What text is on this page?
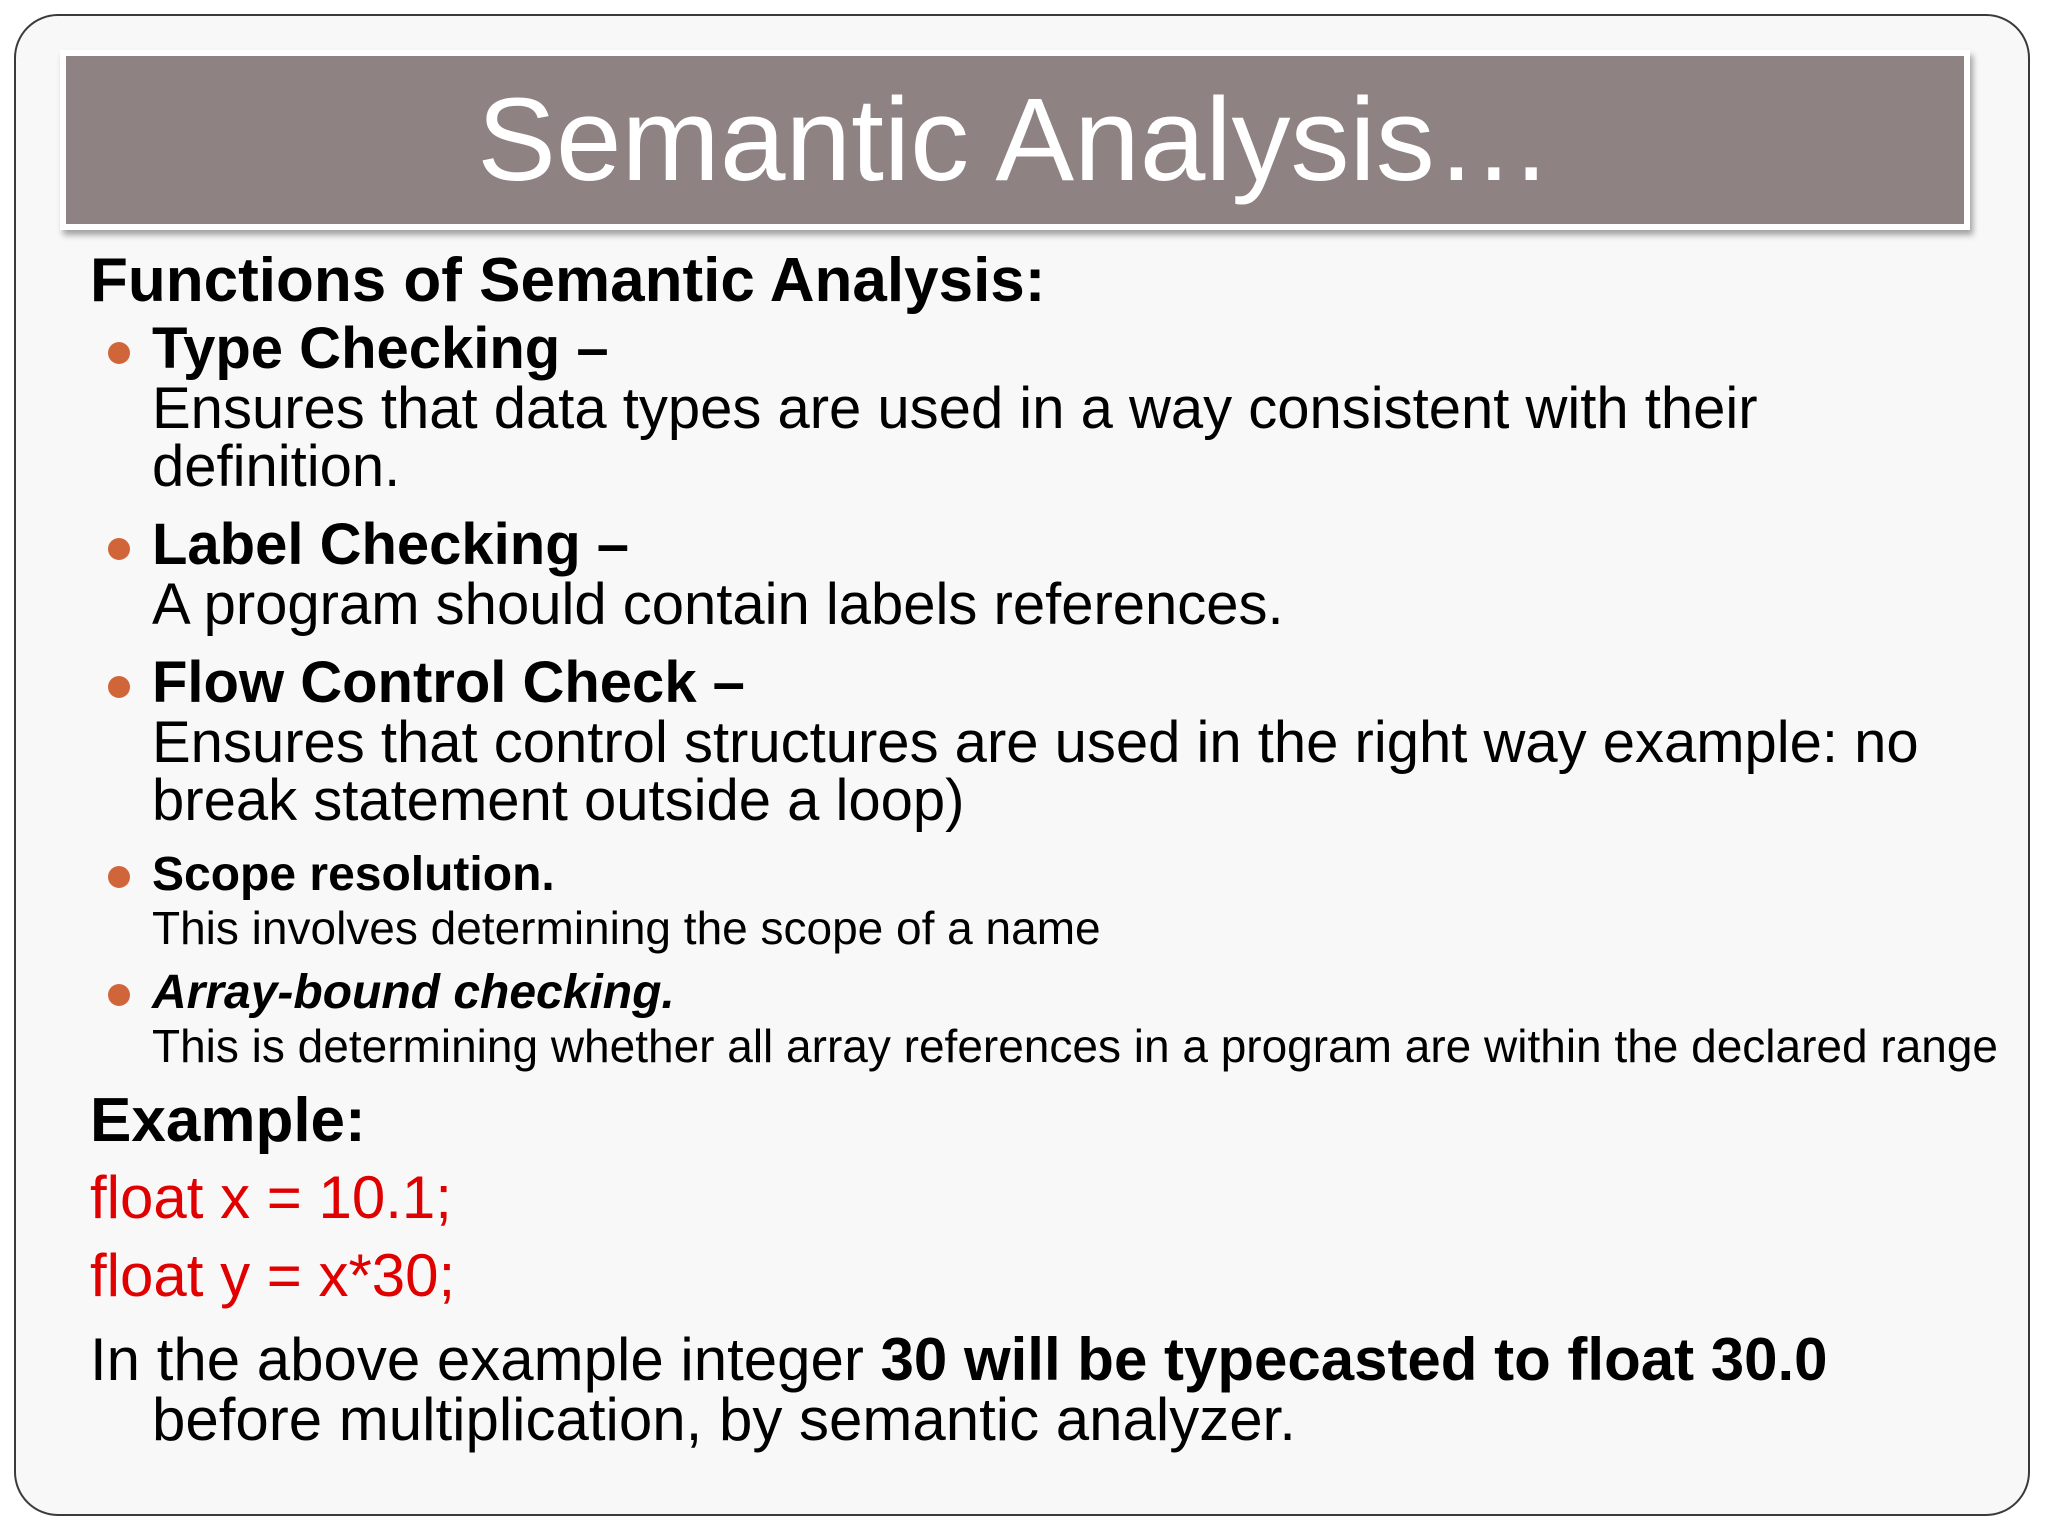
Semantic Analysis…
Functions of Semantic Analysis:
Type Checking –
Ensures that data types are used in a way consistent with their definition.
Label Checking –
A program should contain labels references.
Flow Control Check –
Ensures that control structures are used in the right way example: no break statement outside a loop)
Scope resolution.
This involves determining the scope of a name
Array-bound checking.
This is determining whether all array references in a program are within the declared range
Example:
float x = 10.1;
float y = x*30;
In the above example integer 30 will be typecasted to float 30.0 before multiplication, by semantic analyzer.
